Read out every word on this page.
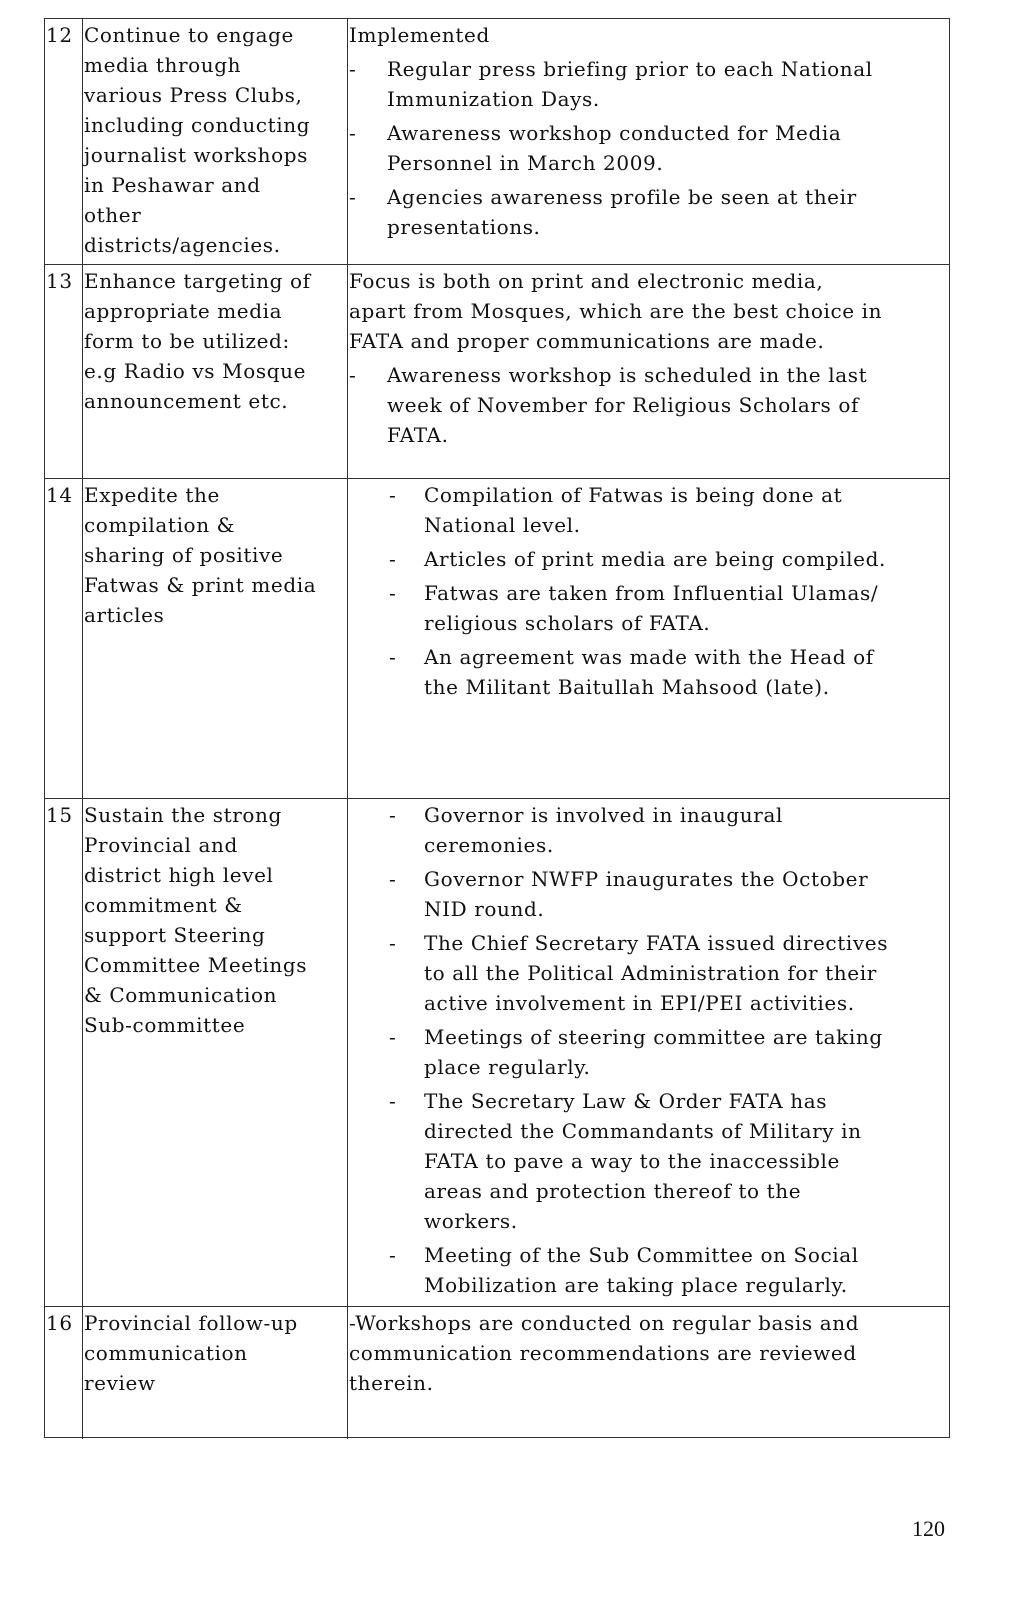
12 Continue to engage
media through
various Press Clubs,
including conducting
journalist workshops
in Peshawar and
other
districts/agencies.
Implemented
- Regular press briefing prior to each National
Immunization Days.
- Awareness workshop conducted for Media
Personnel in March 2009.
- Agencies awareness profile be seen at their
presentations.
13 Enhance targeting of
appropriate media
form to be utilized:
e.g Radio vs Mosque
announcement etc.
Focus is both on print and electronic media,
apart from Mosques, which are the best choice in
FATA and proper communications are made.
- Awareness workshop is scheduled in the last
week of November for Religious Scholars of
FATA.
14 Expedite the
compilation &
sharing of positive
Fatwas & print media
articles
- Compilation of Fatwas is being done at
National level.
- Articles of print media are being compiled.
- Fatwas are taken from Influential Ulamas/
religious scholars of FATA.
- An agreement was made with the Head of
the Militant Baitullah Mahsood (late).
15 Sustain the strong
Provincial and
district high level
commitment &
support Steering
Committee Meetings
& Communication
Sub-committee
- Governor is involved in inaugural
ceremonies.
- Governor NWFP inaugurates the October
NID round.
- The Chief Secretary FATA issued directives
to all the Political Administration for their
active involvement in EPI/PEI activities.
- Meetings of steering committee are taking
place regularly.
- The Secretary Law & Order FATA has
directed the Commandants of Military in
FATA to pave a way to the inaccessible
areas and protection thereof to the
workers.
- Meeting of the Sub Committee on Social
Mobilization are taking place regularly.
16 Provincial follow-up
communication
review
-Workshops are conducted on regular basis and
communication recommendations are reviewed
therein.
120
